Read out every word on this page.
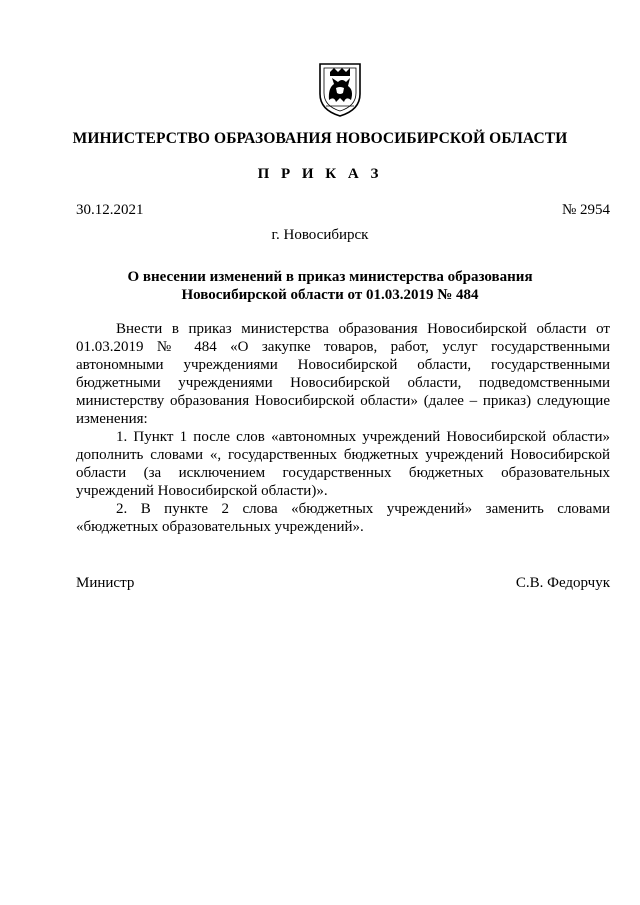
МИНИСТЕРСТВО ОБРАЗОВАНИЯ НОВОСИБИРСКОЙ ОБЛАСТИ
П Р И К А З
30.12.2021	№ 2954
г. Новосибирск
О внесении изменений в приказ министерства образования
Новосибирской области от 01.03.2019 № 484

Внести в приказ министерства образования Новосибирской области от 01.03.2019 № 484 «О закупке товаров, работ, услуг государственными автономными учреждениями Новосибирской области, государственными бюджетными учреждениями Новосибирской области, подведомственными министерству образования Новосибирской области» (далее – приказ) следующие изменения:

1. Пункт 1 после слов «автономных учреждений Новосибирской области» дополнить словами «, государственных бюджетных учреждений Новосибирской области (за исключением государственных бюджетных образовательных учреждений Новосибирской области)».

2. В пункте 2 слова «бюджетных учреждений» заменить словами «бюджетных образовательных учреждений».

Министр	С.В. Федорчук
